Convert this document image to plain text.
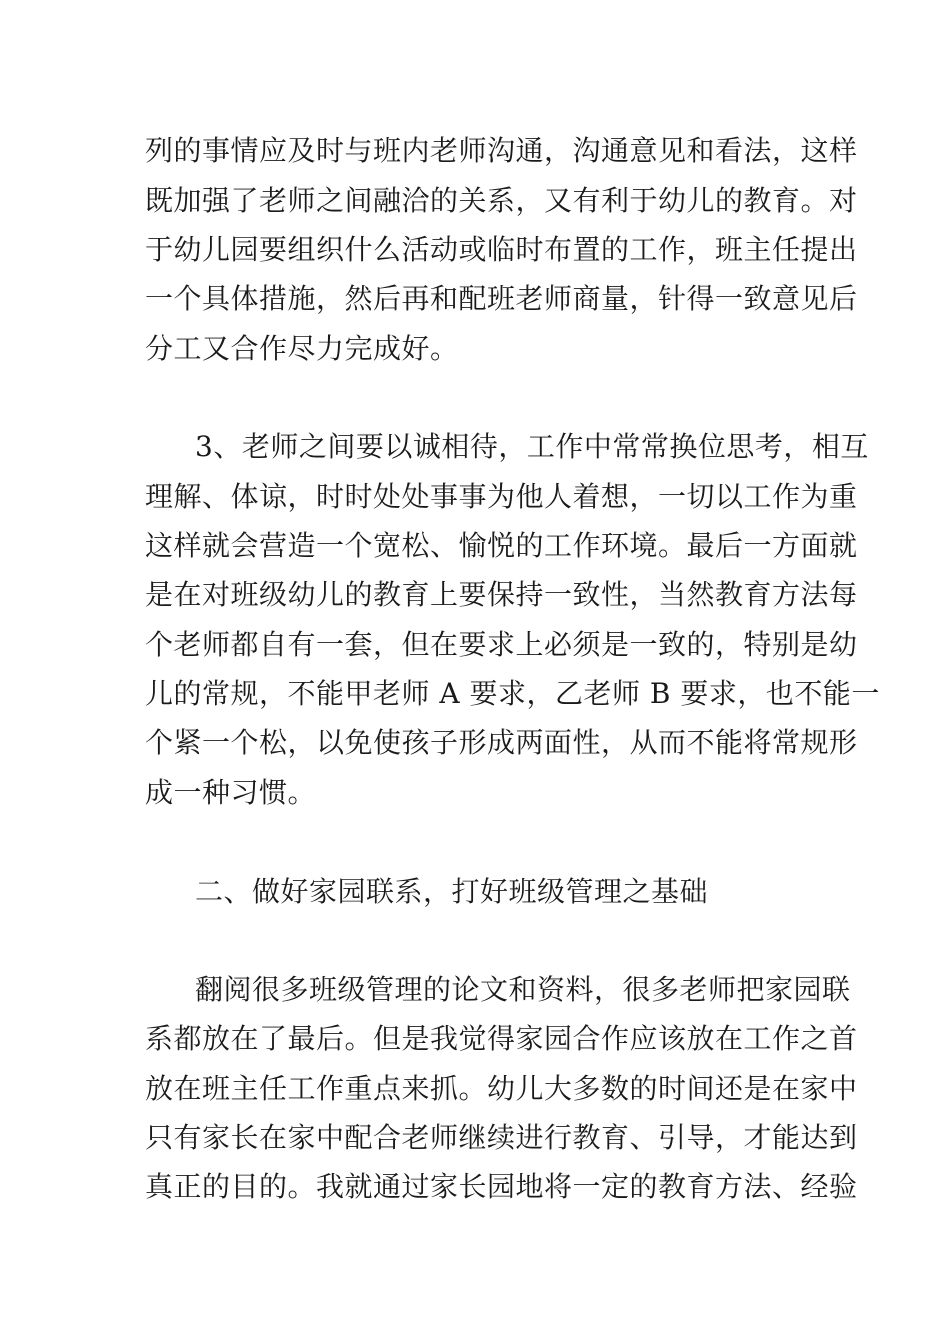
列的事情应及时与班内老师沟通，沟通意见和看法，这样
既加强了老师之间融洽的关系，又有利于幼儿的教育。对
于幼儿园要组织什么活动或临时布置的工作，班主任提出
一个具体措施，然后再和配班老师商量，针得一致意见后
分工又合作尽力完成好。
3、老师之间要以诚相待，工作中常常换位思考，相互
理解、体谅，时时处处事事为他人着想，一切以工作为重
这样就会营造一个宽松、愉悦的工作环境。最后一方面就
是在对班级幼儿的教育上要保持一致性，当然教育方法每
个老师都自有一套，但在要求上必须是一致的，特别是幼
儿的常规，不能甲老师 A 要求，乙老师 B 要求，也不能一
个紧一个松，以免使孩子形成两面性，从而不能将常规形
成一种习惯。
二、做好家园联系，打好班级管理之基础
翻阅很多班级管理的论文和资料，很多老师把家园联
系都放在了最后。但是我觉得家园合作应该放在工作之首
放在班主任工作重点来抓。幼儿大多数的时间还是在家中
只有家长在家中配合老师继续进行教育、引导，才能达到
真正的目的。我就通过家长园地将一定的教育方法、经验
